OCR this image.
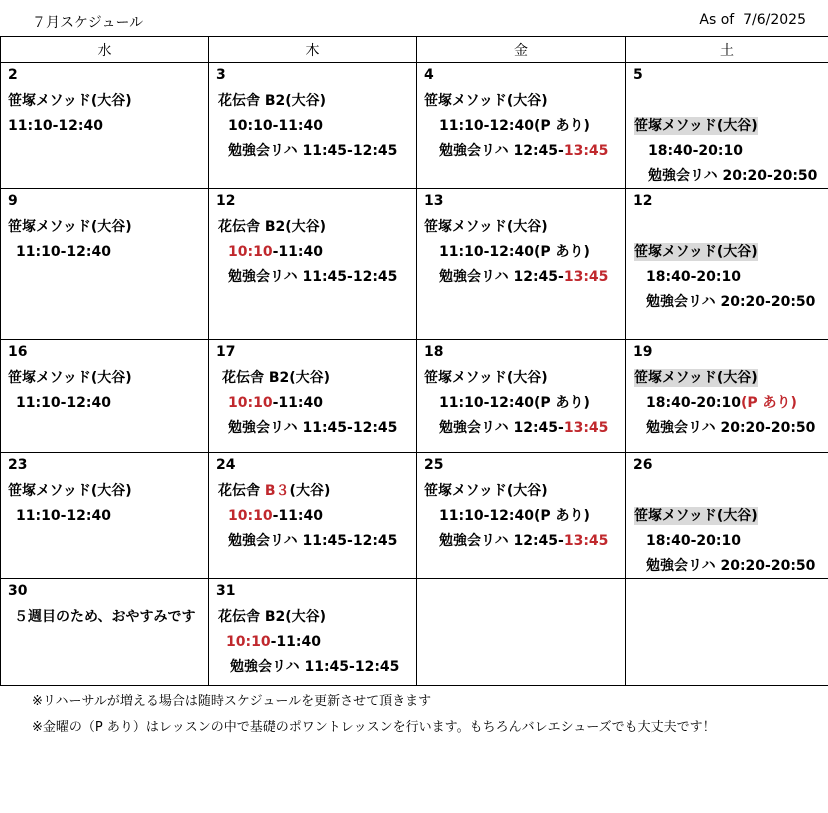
７月スケジュール	As of  7/6/2025
水	木	金	土

2
笹塚メソッド(大谷)
11:10-12:40	3
花伝舎 B2(大谷)
10:10-11:40
勉強会リハ 11:45-12:45	4
笹塚メソッド(大谷)
11:10-12:40(P あり)
勉強会リハ 12:45-13:45	5
笹塚メソッド(大谷)
18:40-20:10
勉強会リハ 20:20-20:50

9
笹塚メソッド(大谷)
11:10-12:40	12
花伝舎 B2(大谷)
10:10-11:40
勉強会リハ 11:45-12:45	13
笹塚メソッド(大谷)
11:10-12:40(P あり)
勉強会リハ 12:45-13:45	12
笹塚メソッド(大谷)
18:40-20:10
勉強会リハ 20:20-20:50

16
笹塚メソッド(大谷)
11:10-12:40	17
花伝舎 B2(大谷)
10:10-11:40
勉強会リハ 11:45-12:45	18
笹塚メソッド(大谷)
11:10-12:40(P あり)
勉強会リハ 12:45-13:45	19
笹塚メソッド(大谷)
18:40-20:10(P あり)
勉強会リハ 20:20-20:50

23
笹塚メソッド(大谷)
11:10-12:40	24
花伝舎 B３(大谷)
10:10-11:40
勉強会リハ 11:45-12:45	25
笹塚メソッド(大谷)
11:10-12:40(P あり)
勉強会リハ 12:45-13:45	26
笹塚メソッド(大谷)
18:40-20:10
勉強会リハ 20:20-20:50

30
５週目のため、おやすみです	31
花伝舎 B2(大谷)
10:10-11:40
勉強会リハ 11:45-12:45		

※リハーサルが増える場合は随時スケジュールを更新させて頂きます
※金曜の（P あり）はレッスンの中で基礎のポワントレッスンを行います。もちろんバレエシューズでも大丈夫です！
